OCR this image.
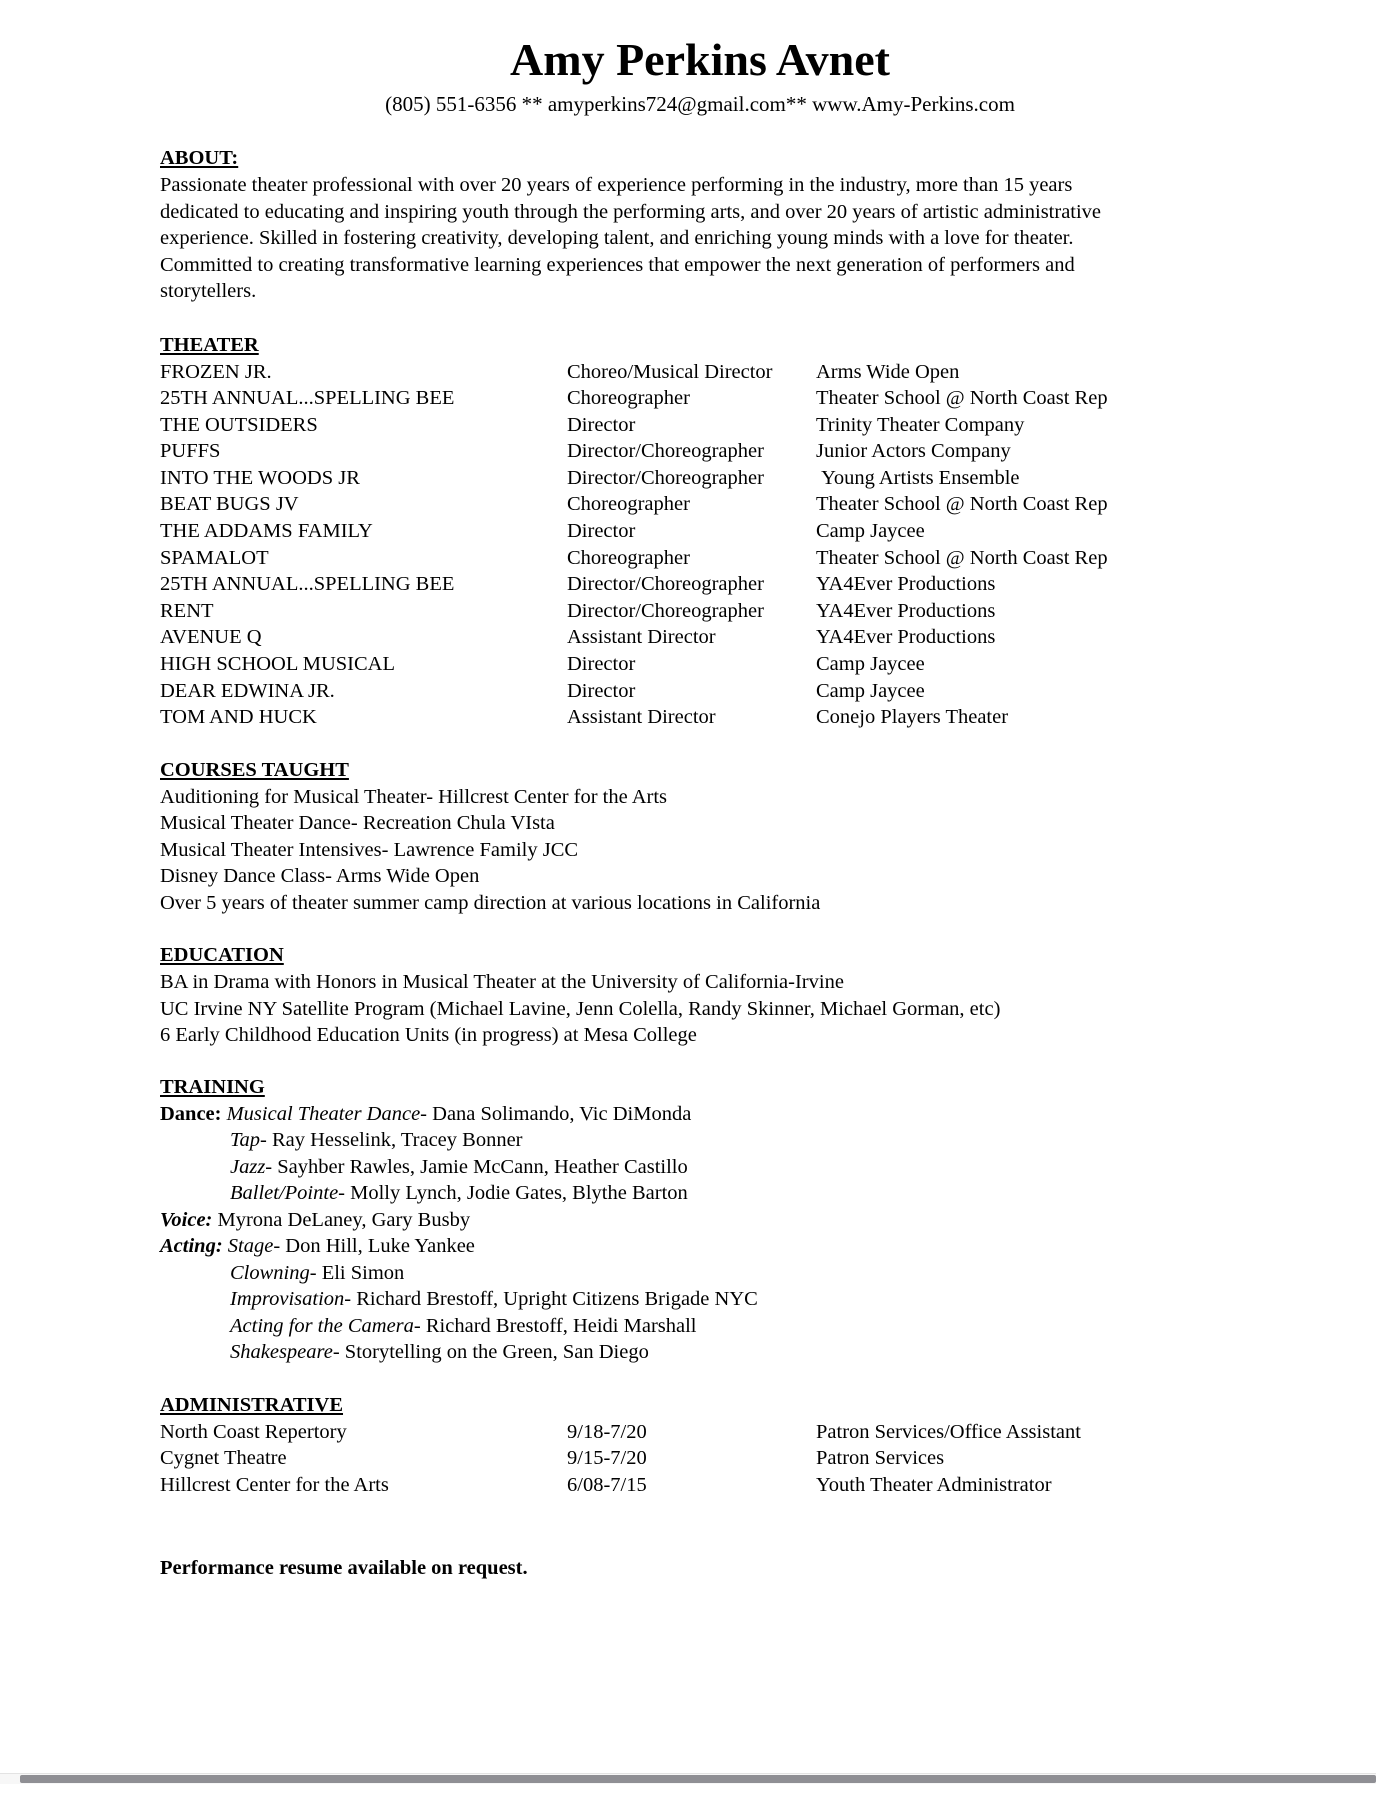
Amy Perkins Avnet
(805) 551-6356 ** amyperkins724@gmail.com** www.Amy-Perkins.com
ABOUT:

Passionate theater professional with over 20 years of experience performing in the industry, more than 15 years dedicated to educating and inspiring youth through the performing arts, and over 20 years of artistic administrative experience. Skilled in fostering creativity, developing talent, and enriching young minds with a love for theater. Committed to creating transformative learning experiences that empower the next generation of performers and storytellers.

THEATER
FROZEN JR.	Choreo/Musical Director	Arms Wide Open
25TH ANNUAL...SPELLING BEE	Choreographer	Theater School @ North Coast Rep
THE OUTSIDERS	Director	Trinity Theater Company
PUFFS	Director/Choreographer	Junior Actors Company
INTO THE WOODS JR	Director/Choreographer	Young Artists Ensemble
BEAT BUGS JV	Choreographer	Theater School @ North Coast Rep
THE ADDAMS FAMILY	Director	Camp Jaycee
SPAMALOT	Choreographer	Theater School @ North Coast Rep
25TH ANNUAL...SPELLING BEE	Director/Choreographer	YA4Ever Productions
RENT	Director/Choreographer	YA4Ever Productions
AVENUE Q	Assistant Director	YA4Ever Productions
HIGH SCHOOL MUSICAL	Director	Camp Jaycee
DEAR EDWINA JR.	Director	Camp Jaycee
TOM AND HUCK	Assistant Director	Conejo Players Theater
COURSES TAUGHT
Auditioning for Musical Theater- Hillcrest Center for the Arts
Musical Theater Dance- Recreation Chula VIsta
Musical Theater Intensives- Lawrence Family JCC
Disney Dance Class- Arms Wide Open
Over 5 years of theater summer camp direction at various locations in California
EDUCATION
BA in Drama with Honors in Musical Theater at the University of California-Irvine
UC Irvine NY Satellite Program (Michael Lavine, Jenn Colella, Randy Skinner, Michael Gorman, etc)
6 Early Childhood Education Units (in progress) at Mesa College
TRAINING
Dance: Musical Theater Dance- Dana Solimando, Vic DiMonda
Tap- Ray Hesselink, Tracey Bonner
Jazz- Sayhber Rawles, Jamie McCann, Heather Castillo
Ballet/Pointe- Molly Lynch, Jodie Gates, Blythe Barton
Voice: Myrona DeLaney, Gary Busby
Acting: Stage- Don Hill, Luke Yankee
Clowning- Eli Simon
Improvisation- Richard Brestoff, Upright Citizens Brigade NYC
Acting for the Camera- Richard Brestoff, Heidi Marshall
Shakespeare- Storytelling on the Green, San Diego
ADMINISTRATIVE
North Coast Repertory	9/18-7/20	Patron Services/Office Assistant
Cygnet Theatre	9/15-7/20	Patron Services
Hillcrest Center for the Arts	6/08-7/15	Youth Theater Administrator
Performance resume available on request.
